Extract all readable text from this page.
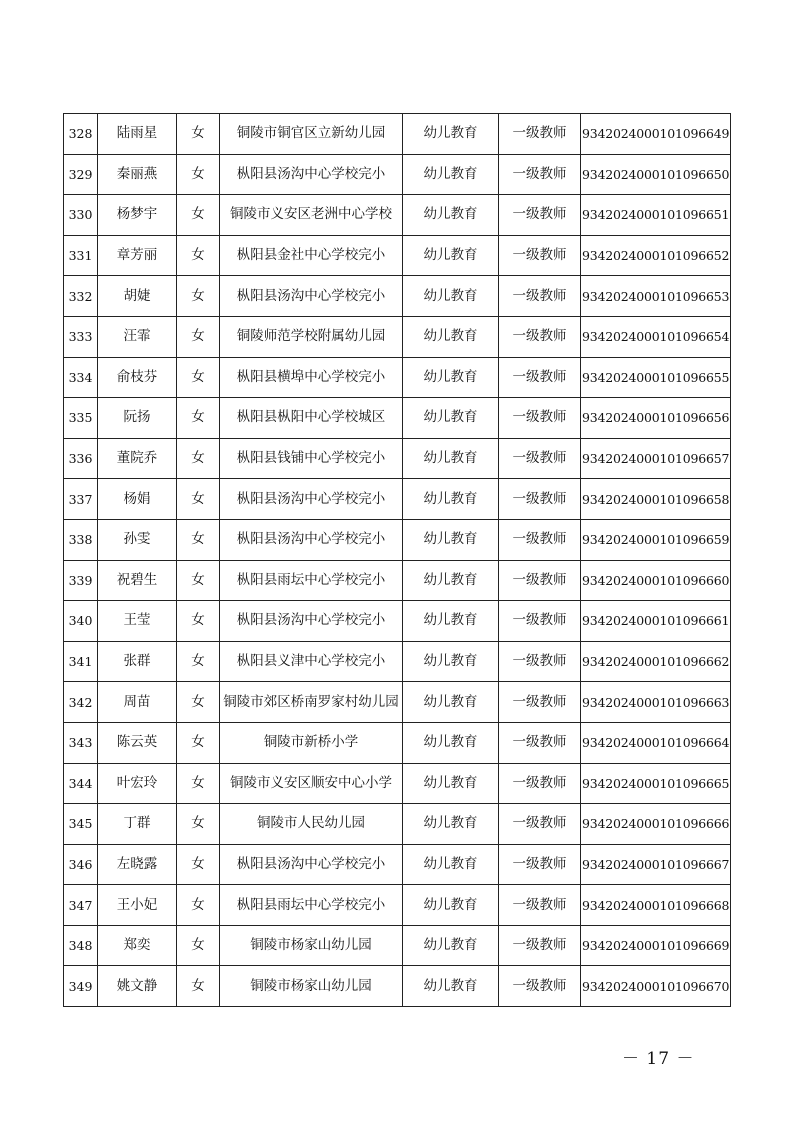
328	陆雨星	女	铜陵市铜官区立新幼儿园	幼儿教育	一级教师	9342024000101096649
329	秦丽燕	女	枞阳县汤沟中心学校完小	幼儿教育	一级教师	9342024000101096650
330	杨梦宇	女	铜陵市义安区老洲中心学校	幼儿教育	一级教师	9342024000101096651
331	章芳丽	女	枞阳县金社中心学校完小	幼儿教育	一级教师	9342024000101096652
332	胡婕	女	枞阳县汤沟中心学校完小	幼儿教育	一级教师	9342024000101096653
333	汪霏	女	铜陵师范学校附属幼儿园	幼儿教育	一级教师	9342024000101096654
334	俞枝芬	女	枞阳县横埠中心学校完小	幼儿教育	一级教师	9342024000101096655
335	阮扬	女	枞阳县枞阳中心学校城区	幼儿教育	一级教师	9342024000101096656
336	董院乔	女	枞阳县钱铺中心学校完小	幼儿教育	一级教师	9342024000101096657
337	杨娟	女	枞阳县汤沟中心学校完小	幼儿教育	一级教师	9342024000101096658
338	孙雯	女	枞阳县汤沟中心学校完小	幼儿教育	一级教师	9342024000101096659
339	祝碧生	女	枞阳县雨坛中心学校完小	幼儿教育	一级教师	9342024000101096660
340	王莹	女	枞阳县汤沟中心学校完小	幼儿教育	一级教师	9342024000101096661
341	张群	女	枞阳县义津中心学校完小	幼儿教育	一级教师	9342024000101096662
342	周苗	女	铜陵市郊区桥南罗家村幼儿园	幼儿教育	一级教师	9342024000101096663
343	陈云英	女	铜陵市新桥小学	幼儿教育	一级教师	9342024000101096664
344	叶宏玲	女	铜陵市义安区顺安中心小学	幼儿教育	一级教师	9342024000101096665
345	丁群	女	铜陵市人民幼儿园	幼儿教育	一级教师	9342024000101096666
346	左晓露	女	枞阳县汤沟中心学校完小	幼儿教育	一级教师	9342024000101096667
347	王小妃	女	枞阳县雨坛中心学校完小	幼儿教育	一级教师	9342024000101096668
348	郑奕	女	铜陵市杨家山幼儿园	幼儿教育	一级教师	9342024000101096669
349	姚文静	女	铜陵市杨家山幼儿园	幼儿教育	一级教师	9342024000101096670
－ 17 －
